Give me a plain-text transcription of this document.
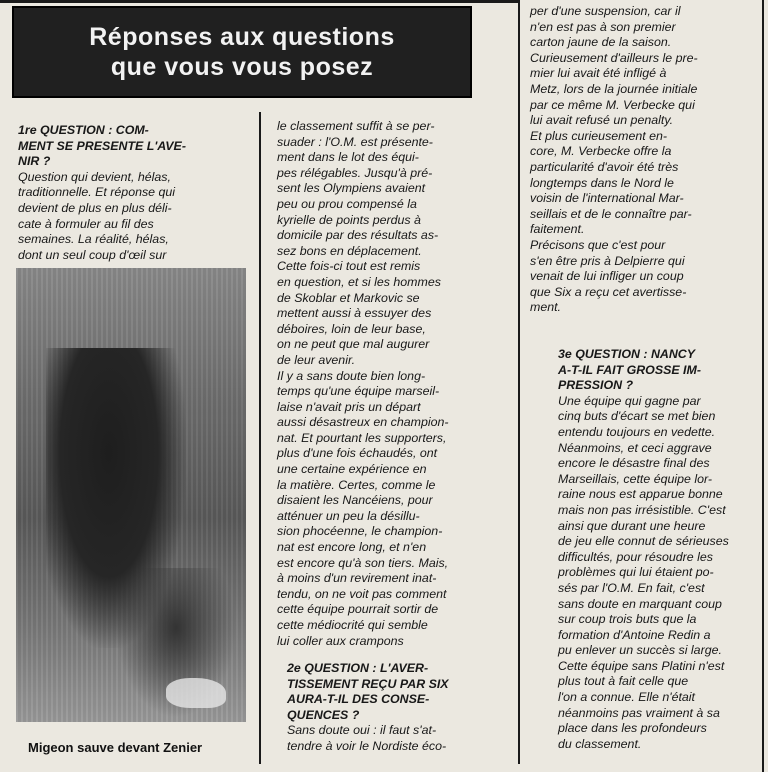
Réponses aux questions
que vous vous posez

1re QUESTION : COM-

MENT SE PRESENTE L'AVE-

NIR ?

Question qui devient, hélas,

traditionnelle. Et réponse qui

devient de plus en plus déli-

cate à formuler au fil des

semaines. La réalité, hélas,

dont un seul coup d'œil sur

Migeon sauve devant Zenier

le classement suffit à se per-

suader : l'O.M. est présente-

ment dans le lot des équi-

pes rélégables. Jusqu'à pré-

sent les Olympiens avaient

peu ou prou compensé la

kyrielle de points perdus à

domicile par des résultats as-

sez bons en déplacement.

Cette fois-ci tout est remis

en question, et si les hommes

de Skoblar et Markovic se

mettent aussi à essuyer des

déboires, loin de leur base,

on ne peut que mal augurer

de leur avenir.

Il y a sans doute bien long-

temps qu'une équipe marseil-

laise n'avait pris un départ

aussi désastreux en champion-

nat. Et pourtant les supporters,

plus d'une fois échaudés, ont

une certaine expérience en

la matière. Certes, comme le

disaient les Nancéiens, pour

atténuer un peu la désillu-

sion phocéenne, le champion-

nat est encore long, et n'en

est encore qu'à son tiers. Mais,

à moins d'un revirement inat-

tendu, on ne voit pas comment

cette équipe pourrait sortir de

cette médiocrité qui semble

lui coller aux crampons

2e QUESTION : L'AVER-

TISSEMENT REÇU PAR SIX

AURA-T-IL DES CONSE-

QUENCES ?

Sans doute oui : il faut s'at-

tendre à voir le Nordiste éco-

per d'une suspension, car il

n'en est pas à son premier

carton jaune de la saison.

Curieusement d'ailleurs le pre-

mier lui avait été infligé à

Metz, lors de la journée initiale

par ce même M. Verbecke qui

lui avait refusé un penalty.

Et plus curieusement en-

core, M. Verbecke offre la

particularité d'avoir été très

longtemps dans le Nord le

voisin de l'international Mar-

seillais et de le connaître par-

faitement.

Précisons que c'est pour

s'en être pris à Delpierre qui

venait de lui infliger un coup

que Six a reçu cet avertisse-

ment.

3e QUESTION : NANCY

A-T-IL FAIT GROSSE IM-

PRESSION ?

Une équipe qui gagne par

cinq buts d'écart se met bien

entendu toujours en vedette.

Néanmoins, et ceci aggrave

encore le désastre final des

Marseillais, cette équipe lor-

raine nous est apparue bonne

mais non pas irrésistible. C'est

ainsi que durant une heure

de jeu elle connut de sérieuses

difficultés, pour résoudre les

problèmes qui lui étaient po-

sés par l'O.M. En fait, c'est

sans doute en marquant coup

sur coup trois buts que la

formation d'Antoine Redin a

pu enlever un succès si large.

Cette équipe sans Platini n'est

plus tout à fait celle que

l'on a connue. Elle n'était

néanmoins pas vraiment à sa

place dans les profondeurs

du classement.
